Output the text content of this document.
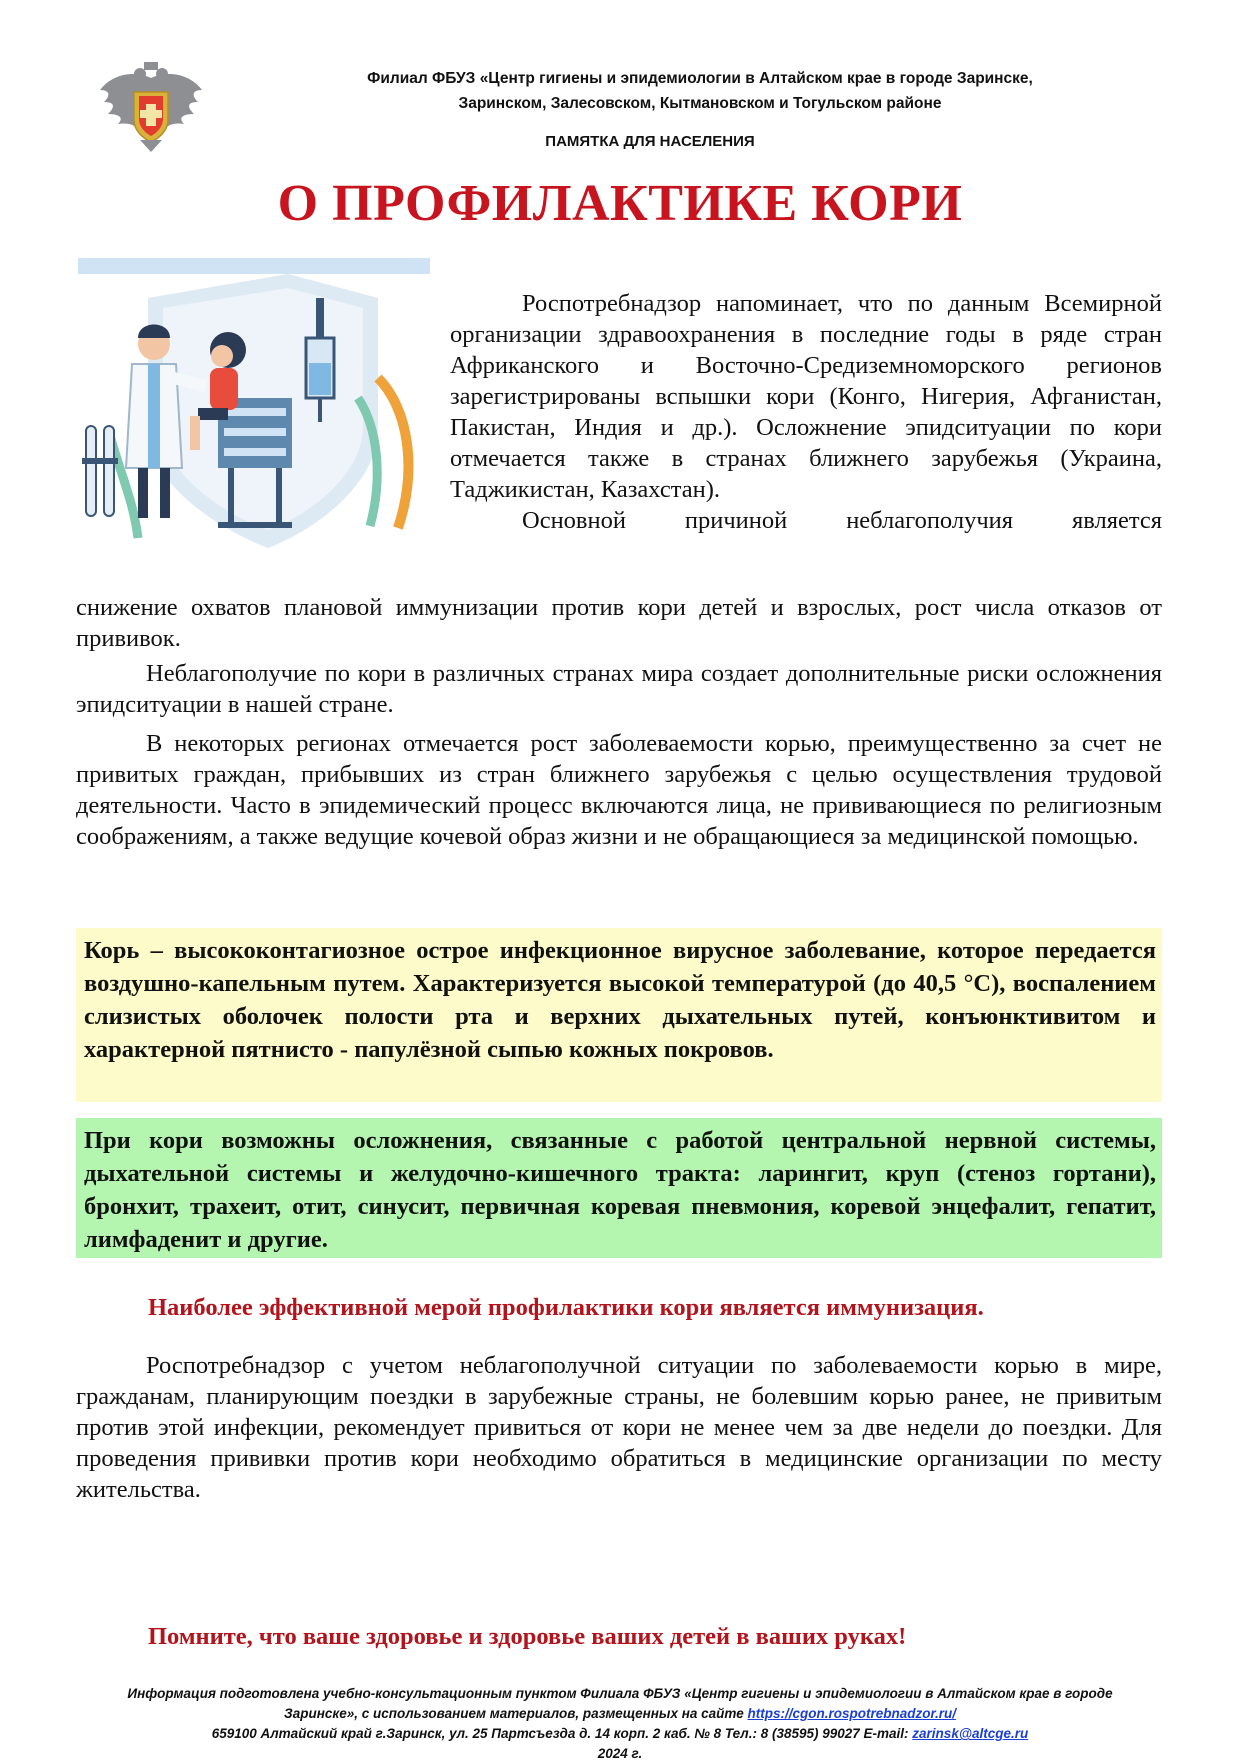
Филиал ФБУЗ «Центр гигиены и эпидемиологии в Алтайском крае в городе Заринске,
Заринском, Залесовском, Кытмановском и Тогульском районе
ПАМЯТКА ДЛЯ НАСЕЛЕНИЯ
О ПРОФИЛАКТИКЕ КОРИ

Роспотребнадзор напоминает, что по данным Всемирной организации здравоохранения в последние годы в ряде стран Африканского и Восточно-Средиземноморского регионов зарегистрированы вспышки кори (Конго, Нигерия, Афганистан, Пакистан, Индия и др.). Осложнение эпидситуации по кори отмечается также в странах ближнего зарубежья (Украина, Таджикистан, Казахстан).

Основной причиной неблагополучия является

снижение охватов плановой иммунизации против кори детей и взрослых, рост числа отказов от прививок.

Неблагополучие по кори в различных странах мира создает дополнительные риски осложнения эпидситуации в нашей стране.

В некоторых регионах отмечается рост заболеваемости корью, преимущественно за счет не привитых граждан, прибывших из стран ближнего зарубежья с целью осуществления трудовой деятельности. Часто в эпидемический процесс включаются лица, не прививающиеся по религиозным соображениям, а также ведущие кочевой образ жизни и не обращающиеся за медицинской помощью.

Корь – высококонтагиозное острое инфекционное вирусное заболевание, которое передается воздушно-капельным путем. Характеризуется высокой температурой (до 40,5 °С), воспалением слизистых оболочек полости рта и верхних дыхательных путей, конъюнктивитом и характерной пятнисто - папулёзной сыпью кожных покровов.

При кори возможны осложнения, связанные с работой центральной нервной системы, дыхательной системы и желудочно-кишечного тракта: ларингит, круп (стеноз гортани), бронхит, трахеит, отит, синусит, первичная коревая пневмония, коревой энцефалит, гепатит, лимфаденит и другие.

Наиболее эффективной мерой профилактики кори является иммунизация.

Роспотребнадзор с учетом неблагополучной ситуации по заболеваемости корью в мире, гражданам, планирующим поездки в зарубежные страны, не болевшим корью ранее, не привитым против этой инфекции, рекомендует привиться от кори не менее чем за две недели до поездки. Для проведения прививки против кори необходимо обратиться в медицинские организации по месту жительства.

Помните, что ваше здоровье и здоровье ваших детей в ваших руках!
Информация подготовлена учебно-консультационным пунктом Филиала ФБУЗ «Центр гигиены и эпидемиологии в Алтайском крае в городе
Заринске», с использованием материалов, размещенных на сайте https://cgon.rospotrebnadzor.ru/
659100 Алтайский край г.Заринск, ул. 25 Партсъезда д. 14 корп. 2 каб. № 8 Тел.: 8 (38595) 99027 E-mail: zarinsk@altcge.ru
2024 г.
